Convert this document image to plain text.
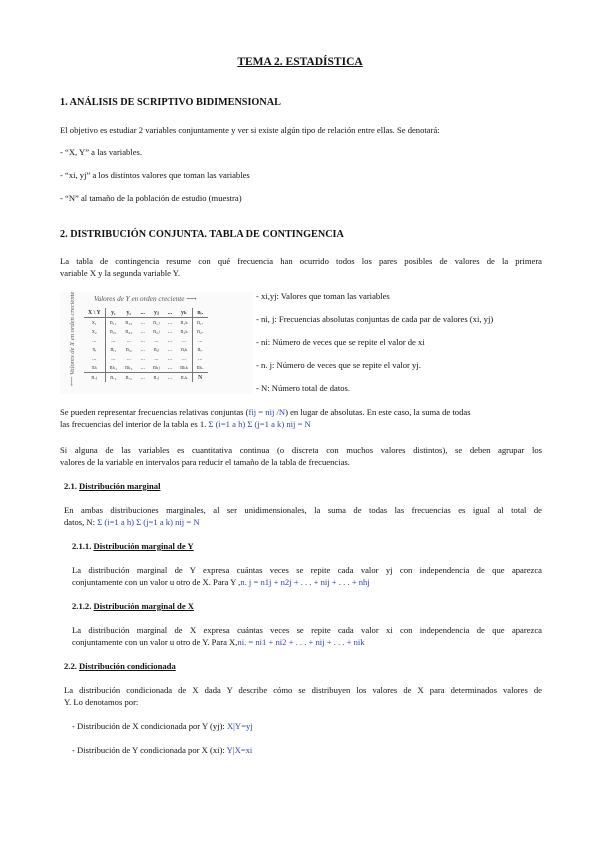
TEMA 2. ESTADÍSTICA
1. ANÁLISIS DE SCRIPTIVO BIDIMENSIONAL
El objetivo es estudiar 2 variables conjuntamente y ver si existe algún tipo de relación entre ellas. Se denotará:
- “X, Y” a las variables.
- “xi, yj” a los distintos valores que toman las variables
- “N” al tamaño de la población de estudio (muestra)
2. DISTRIBUCIÓN CONJUNTA. TABLA DE CONTINGENCIA
La tabla de contingencia resume con qué frecuencia han ocurrido todos los pares posibles de valores de la primera
variable X y la segunda variable Y.
Valores de Y en orden creciente ⟶
⟵ Valores de X en orden creciente X \ Y	y₁	y₂	...	yⱼ	...	yₖ	nᵢ.
x₁	n₁₁	n₁₂	...	n₁ⱼ	...	n₁ₖ	n₁.
x₂	n₂₁	n₂₂	...	n₂ⱼ	...	n₂ₖ	n₂.
...	...	...	...	...	...	...	...
xᵢ	nᵢ₁	nᵢ₂	...	nᵢⱼ	...	nᵢₖ	nᵢ.
...	...	...	...	...	...	...	...
xₕ	nₕ₁	nₕ₂	...	nₕⱼ	...	nₕₖ	nₕ.
n.ⱼ	n.₁	n.₂	...	n.ⱼ	...	n.ₖ	N
- xi,yj: Valores que toman las variables
- ni, j: Frecuencias absolutas conjuntas de cada par de valores (xi, yj)
- ni: Número de veces que se repite el valor de xi
- n. j: Número de veces que se repite el valor yj.
- N: Número total de datos.
Se pueden representar frecuencias relativas conjuntas (fij = nij /N) en lugar de absolutas. En este caso, la suma de todas
las frecuencias del interior de la tabla es 1. Σ (i=1 a h) Σ (j=1 a k) nij = N
Si alguna de las variables es cuantitativa continua (o discreta con muchos valores distintos), se deben agrupar los
valores de la variable en intervalos para reducir el tamaño de la tabla de frecuencias.
2.1. Distribución marginal
En ambas distribuciones marginales, al ser unidimensionales, la suma de todas las frecuencias es igual al total de
datos, N: Σ (i=1 a h) Σ (j=1 a k) nij = N
2.1.1. Distribución marginal de Y
La distribución marginal de Y expresa cuántas veces se repite cada valor yj con independencia de que aparezca
conjuntamente con un valor u otro de X. Para Y ,n. j = n1j + n2j + . . . + nij + . . . + nhj
2.1.2. Distribución marginal de X
La distribución marginal de X expresa cuántas veces se repite cada valor xi con independencia de que aparezca
conjuntamente con un valor u otro de Y. Para X,ni. = ni1 + ni2 + . . . + nij + . . . + nik
2.2. Distribución condicionada
La distribución condicionada de X dada Y describe cómo se distribuyen los valores de X para determinados valores de
Y. Lo denotamos por:
- Distribución de X condicionada por Y (yj): X|Y=yj
- Distribución de Y condicionada por X (xi): Y|X=xi
